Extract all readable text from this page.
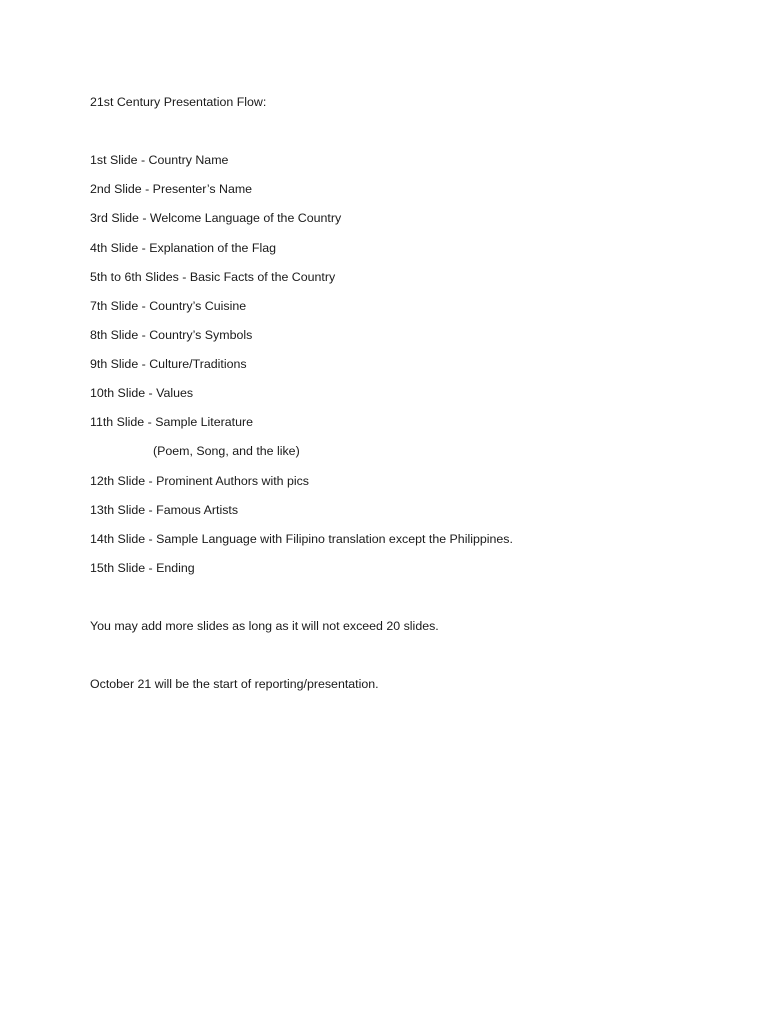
21st Century Presentation Flow:
1st Slide - Country Name
2nd Slide - Presenter’s Name
3rd Slide - Welcome Language of the Country
4th Slide - Explanation of the Flag
5th to 6th Slides - Basic Facts of the Country
7th Slide - Country’s Cuisine
8th Slide - Country’s Symbols
9th Slide - Culture/Traditions
10th Slide - Values
11th Slide - Sample Literature
(Poem, Song, and the like)
12th Slide - Prominent Authors with pics
13th Slide - Famous Artists
14th Slide - Sample Language with Filipino translation except the Philippines.
15th Slide - Ending
You may add more slides as long as it will not exceed 20 slides.
October 21 will be the start of reporting/presentation.
